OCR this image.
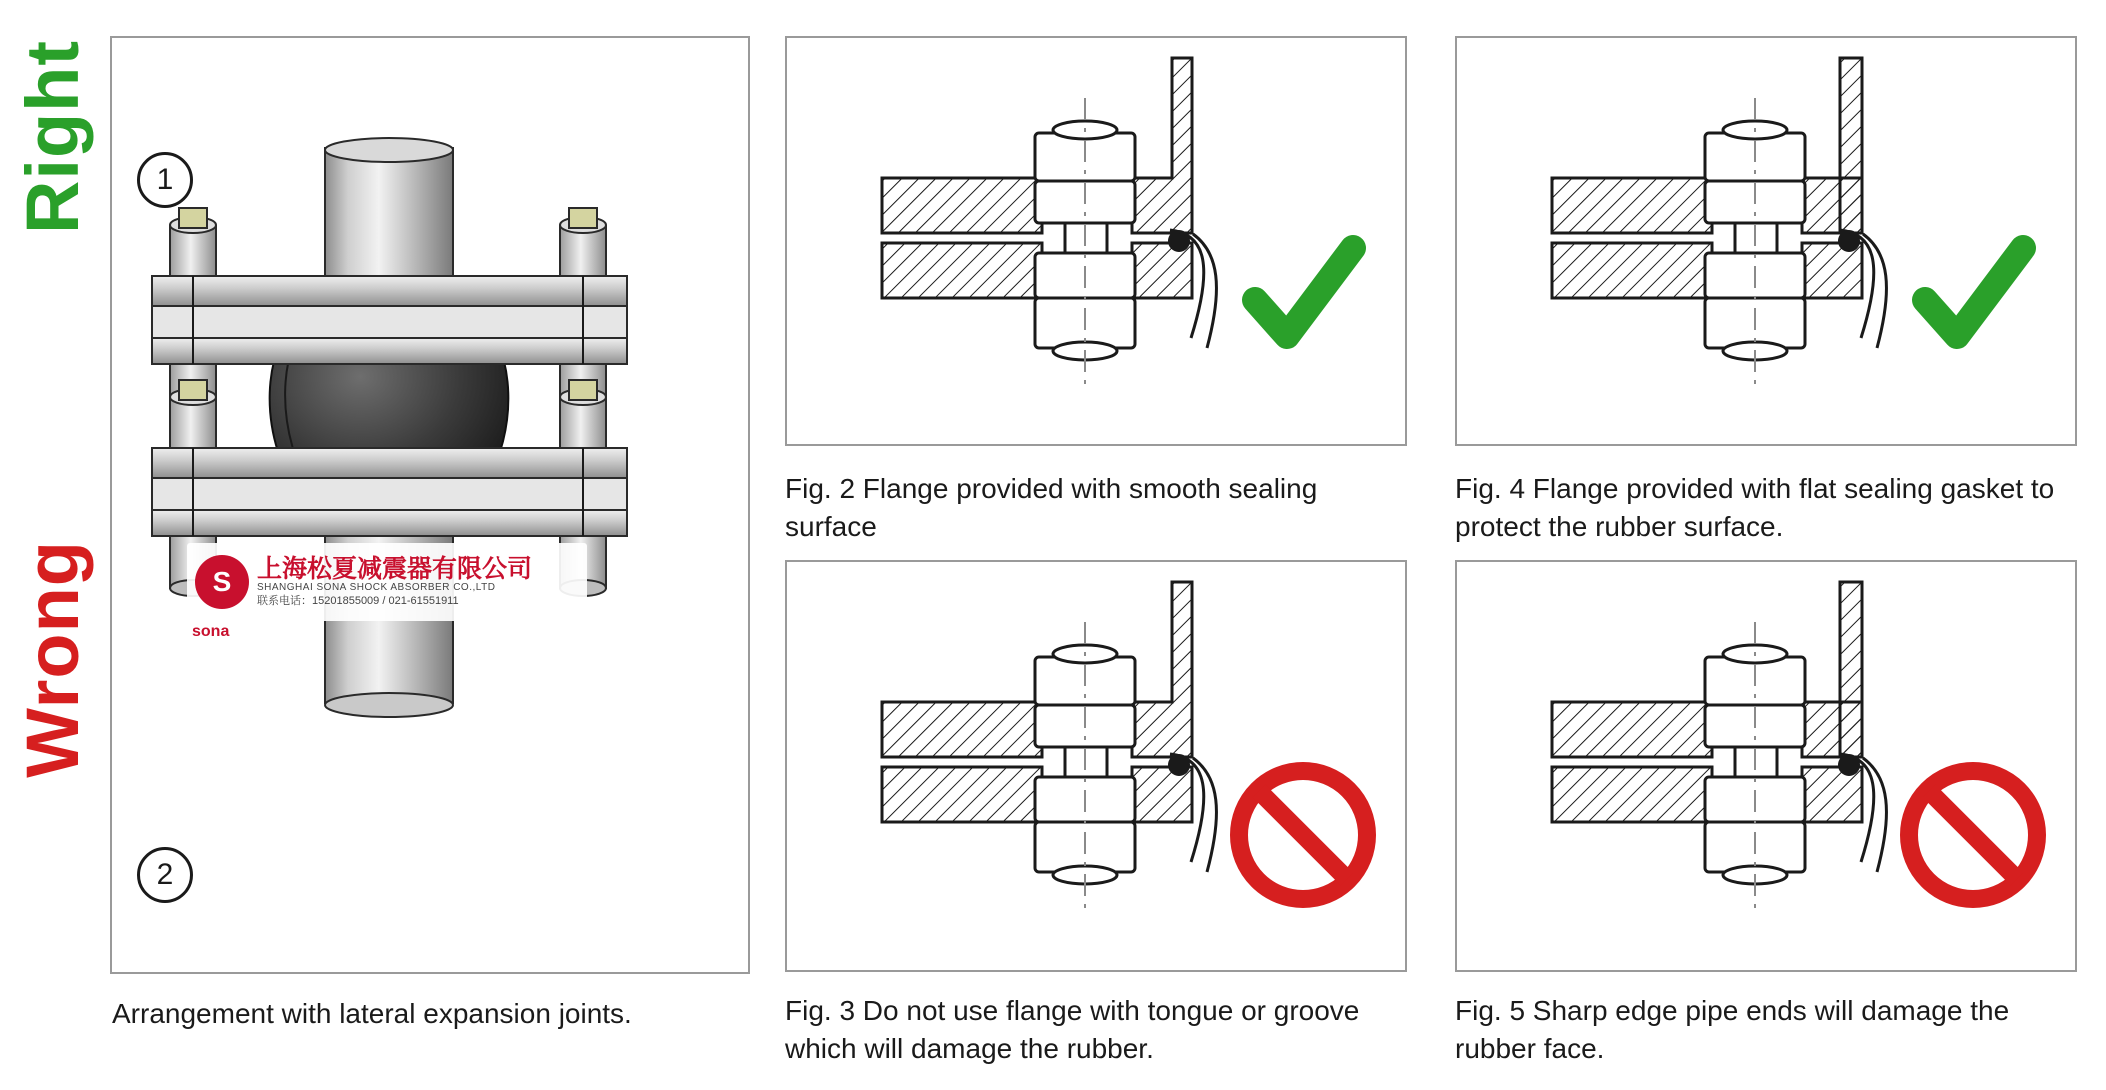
Right
Wrong
1
2
S 上海松夏减震器有限公司
SHANGHAI SONA SHOCK ABSORBER CO.,LTD
联系电话：15201855009 / 021-61551911
sona
Arrangement with lateral expansion joints.
Fig. 2 Flange provided with smooth sealing surface
Fig. 3 Do not use flange with tongue or groove which will damage the rubber.
Fig. 4 Flange provided with flat sealing gasket to protect the rubber surface.
Fig. 5 Sharp edge pipe ends will damage the rubber face.
